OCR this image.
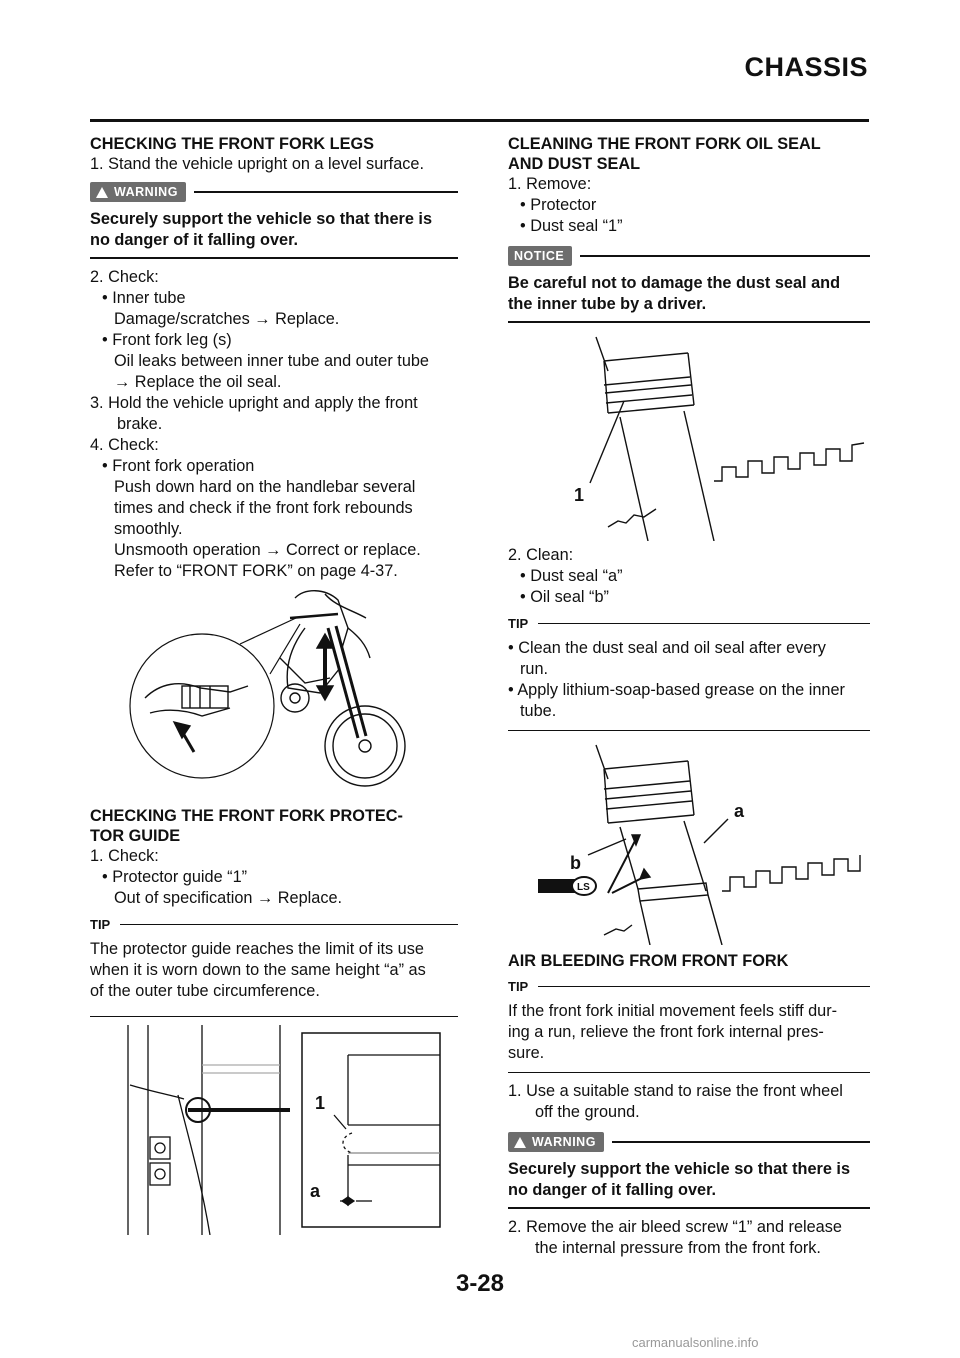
CHASSIS
CHECKING THE FRONT FORK LEGS
1. Stand the vehicle upright on a level surface.
WARNING
Securely support the vehicle so that there is
no danger of it falling over.
2. Check:
• Inner tube
Damage/scratches → Replace.
• Front fork leg (s)
Oil leaks between inner tube and outer tube
→ Replace the oil seal.
3. Hold the vehicle upright and apply the front
brake.
4. Check:
• Front fork operation
Push down hard on the handlebar several
times and check if the front fork rebounds
smoothly.
Unsmooth operation → Correct or replace.
Refer to “FRONT FORK” on page 4-37.
CHECKING THE FRONT FORK PROTEC-
TOR GUIDE
1. Check:
• Protector guide “1”
Out of specification → Replace.
TIP
The protector guide reaches the limit of its use
when it is worn down to the same height “a” as
of the outer tube circumference.
1
a
CLEANING THE FRONT FORK OIL SEAL
AND DUST SEAL
1. Remove:
• Protector
• Dust seal “1”
NOTICE
Be careful not to damage the dust seal and
the inner tube by a driver.
1
2. Clean:
• Dust seal “a”
• Oil seal “b”
TIP
• Clean the dust seal and oil seal after every
run.
• Apply lithium-soap-based grease on the inner
tube.
LS
a
b
AIR BLEEDING FROM FRONT FORK
TIP
If the front fork initial movement feels stiff dur-
ing a run, relieve the front fork internal pres-
sure.
1. Use a suitable stand to raise the front wheel
off the ground.
WARNING
Securely support the vehicle so that there is
no danger of it falling over.
2. Remove the air bleed screw “1” and release
the internal pressure from the front fork.
3-28
carmanualsonline.info
